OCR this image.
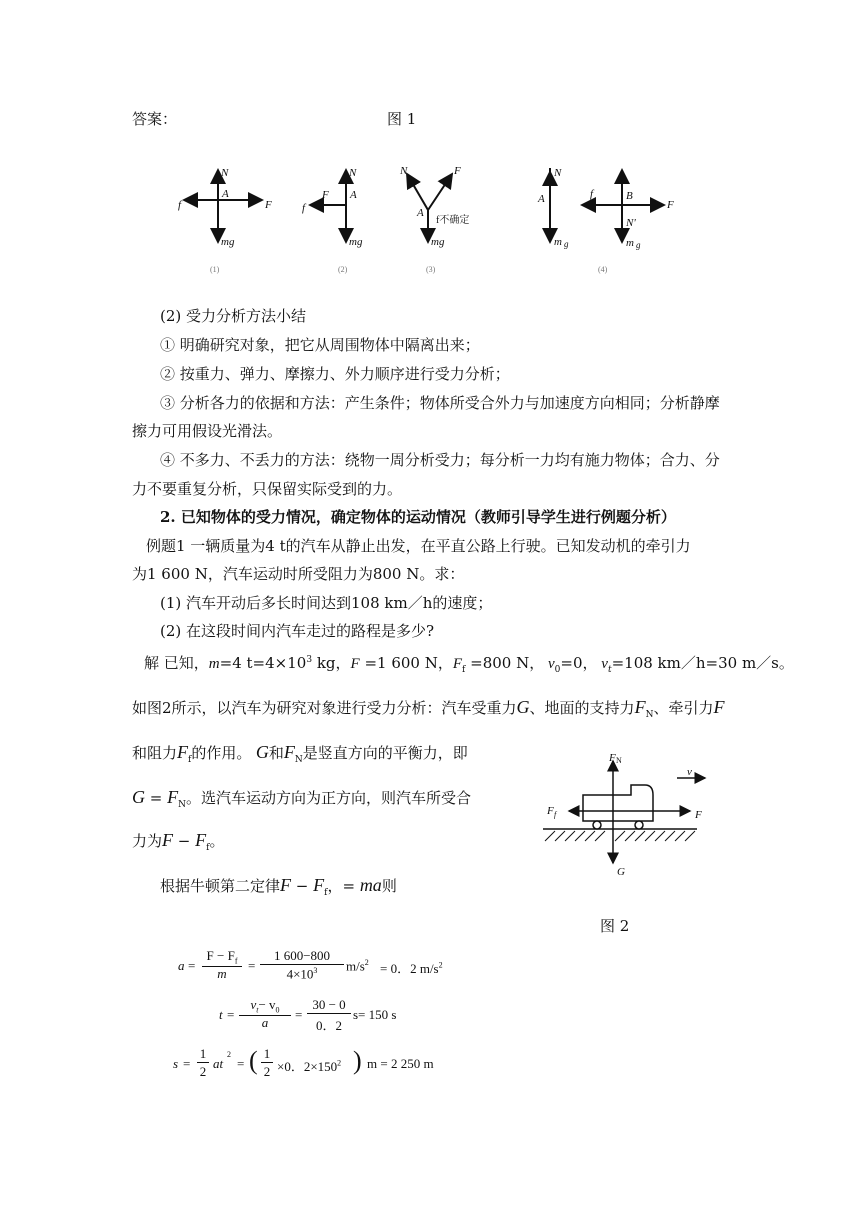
答案：	图 1
N
f
A
F
mg
N
f
F A
mg
N	F
A
f不确定
mg
N
A
m g
f	B
F
N'
m g
(1)	(2)	(3)	(4)
(2) 受力分析方法小结
① 明确研究对象，把它从周围物体中隔离出来；
② 按重力、弹力、摩擦力、外力顺序进行受力分析；
③ 分析各力的依据和方法：产生条件；物体所受合外力与加速度方向相同；分析静摩
擦力可用假设光滑法。
④ 不多力、不丢力的方法：绕物一周分析受力；每分析一力均有施力物体；合力、分
力不要重复分析，只保留实际受到的力。
2. 已知物体的受力情况，确定物体的运动情况（教师引导学生进行例题分析）
例题1 一辆质量为4 t的汽车从静止出发，在平直公路上行驶。已知发动机的牵引力
为1 600 N，汽车运动时所受阻力为800 N。求：
(1) 汽车开动后多长时间达到108 km／h的速度；
(2) 在这段时间内汽车走过的路程是多少?
解 已知，m=4 $t=4\times 10^3$ kg，F =1 600 N，$F_f =800$ N， $v_0=0$， $v_t=108$ km／h=30 m／s。
如图2所示，以汽车为研究对象进行受力分析：汽车受重力G、地面的支持力$F_N$、牵引力F
和阻力$F_f$的作用。 G和$F_N$是竖直方向的平衡力，即
$G = F_N$。选汽车运动方向为正方向，则汽车所受合
力为$F - F_f$。
根据牛顿第二定律$F - F_f$，= ma则
F N
v
F f	F
G
图 2
a =
$F - F_f$
m
=
1 600−800
$4\times 10^3$	$m/s^2 = 0$．2 $m/s^2$
t =
$v_t- v_0$
a
=
30 − 0
0．2
s= 150 s
s =
1
2
at
2
= ( 1
2 ×0．$2\times 150^2$ ) m = 2 250 m
